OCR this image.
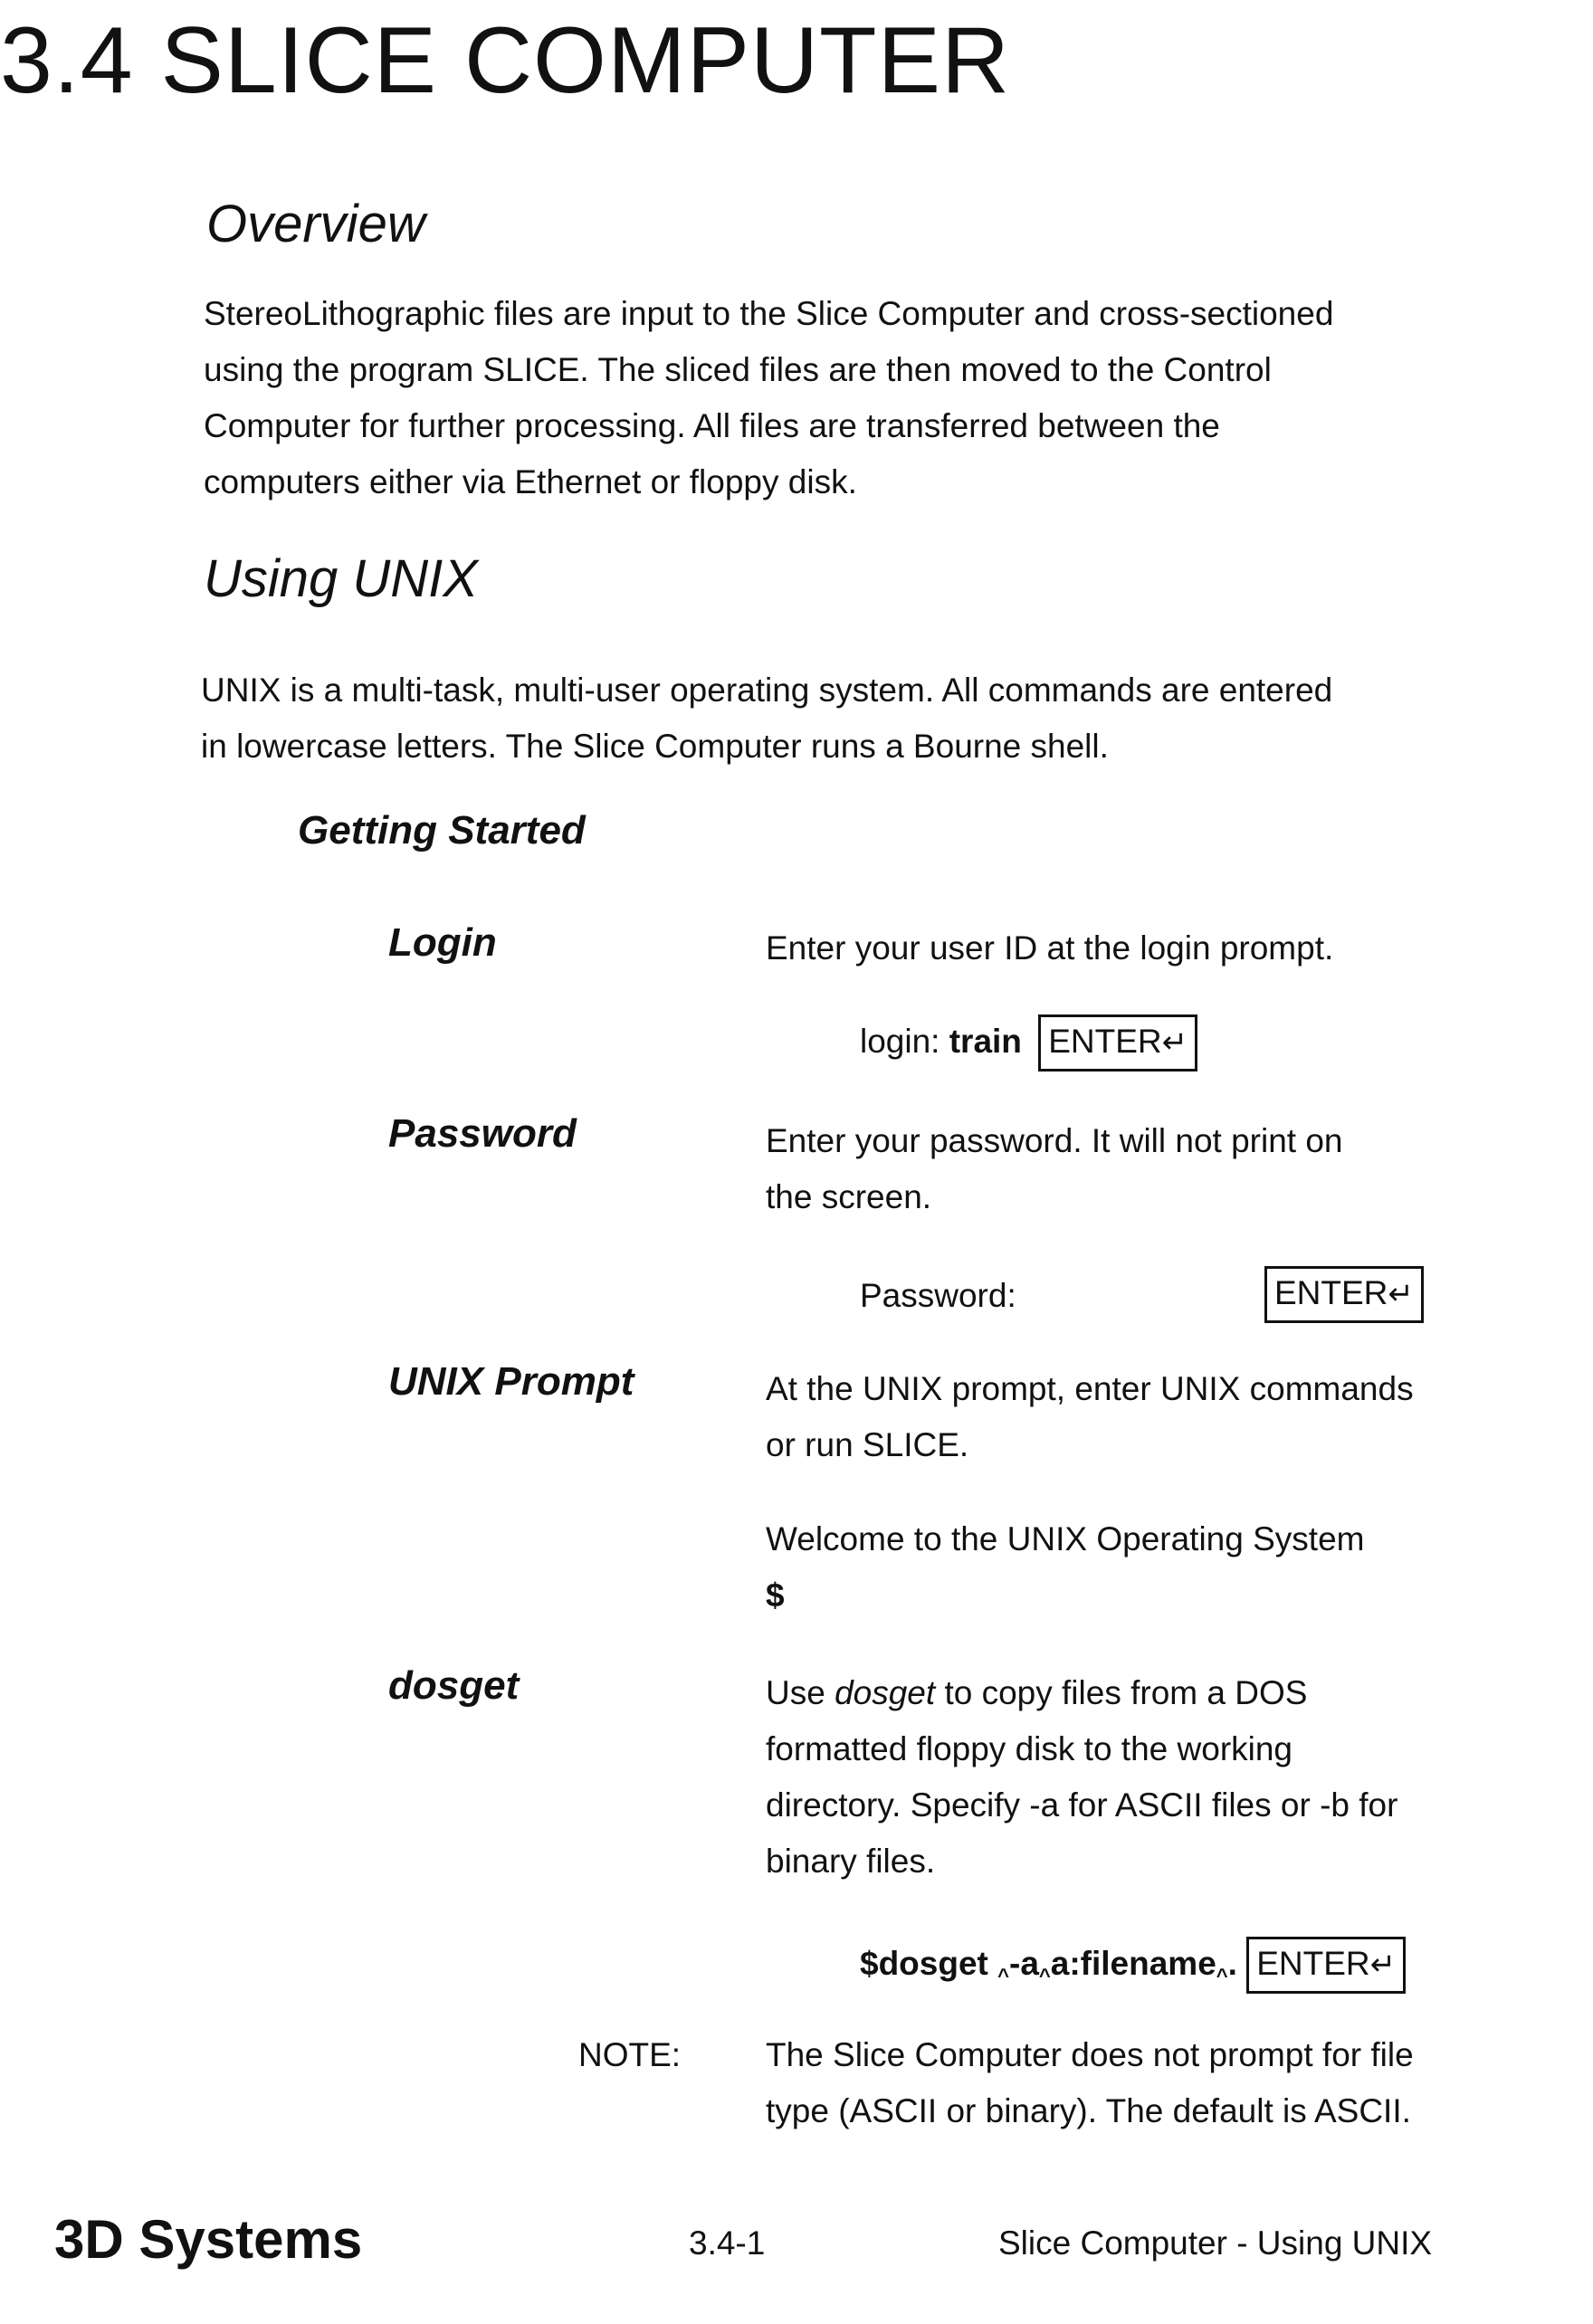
3.4 SLICE COMPUTER
Overview
StereoLithographic files are input to the Slice Computer and cross-sectioned
using the program SLICE. The sliced files are then moved to the Control
Computer for further processing. All files are transferred between the
computers either via Ethernet or floppy disk.
Using UNIX
UNIX is a multi-task, multi-user operating system. All commands are entered
in lowercase letters. The Slice Computer runs a Bourne shell.
Getting Started
Login	Enter your user ID at the login prompt.
login: train ENTER↵
Password	Enter your password. It will not print on
the screen.
Password:	ENTER↵
UNIX Prompt	At the UNIX prompt, enter UNIX commands
or run SLICE.
Welcome to the UNIX Operating System
$
dosget	Use dosget to copy files from a DOS
formatted floppy disk to the working
directory. Specify -a for ASCII files or -b for
binary files.
$dosget ^-a^a:filename^. ENTER↵
NOTE:	The Slice Computer does not prompt for file
type (ASCII or binary). The default is ASCII.
3D Systems	3.4-1	Slice Computer - Using UNIX
